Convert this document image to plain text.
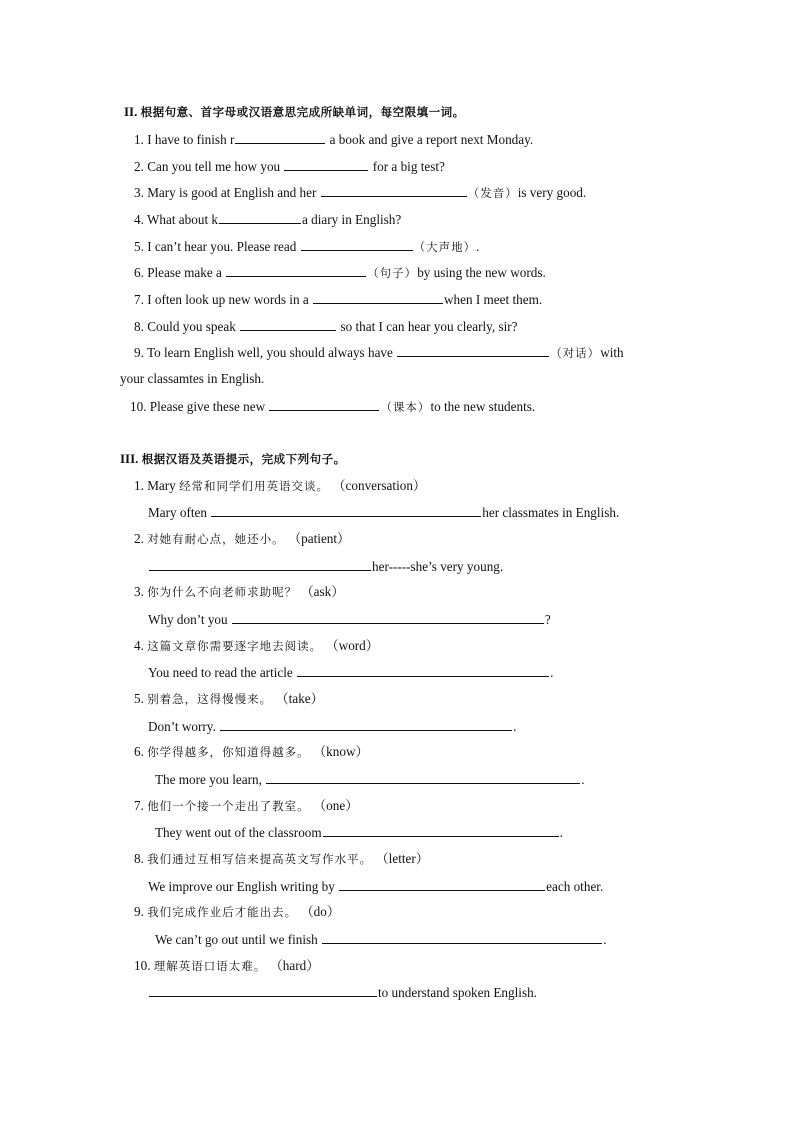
II. 根据句意、首字母或汉语意思完成所缺单词，每空限填一词。
1. I have to finish r	a book and give a report next Monday.
2. Can you tell me how you	for a big test?
3. Mary is good at English and her	（发音）is very good.
4. What about k	a diary in English?
5. I can’t hear you. Please read	（大声地）.
6. Please make a	（句子）by using the new words.
7. I often look up new words in a	when I meet them.
8. Could you speak	so that I can hear you clearly, sir?
9. To learn English well, you should always have	（对话）with
your classamtes in English.
10. Please give these new	（课本）to the new students.
III. 根据汉语及英语提示，完成下列句子。
1. Mary 经常和同学们用英语交谈。 （conversation）
Mary often	her classmates in English.
2. 对她有耐心点，她还小。 （patient）
her-----she’s very young.
3. 你为什么不向老师求助呢？ （ask）
Why don’t you	?
4. 这篇文章你需要逐字地去阅读。 （word）
You need to read the article	.
5. 别着急，这得慢慢来。 （take）
Don’t worry.	.
6. 你学得越多，你知道得越多。 （know）
The more you learn,	.
7. 他们一个接一个走出了教室。 （one）
They went out of the classroom	.
8. 我们通过互相写信来提高英文写作水平。 （letter）
We improve our English writing by	each other.
9. 我们完成作业后才能出去。 （do）
We can’t go out until we finish	.
10. 理解英语口语太难。 （hard）
to understand spoken English.
